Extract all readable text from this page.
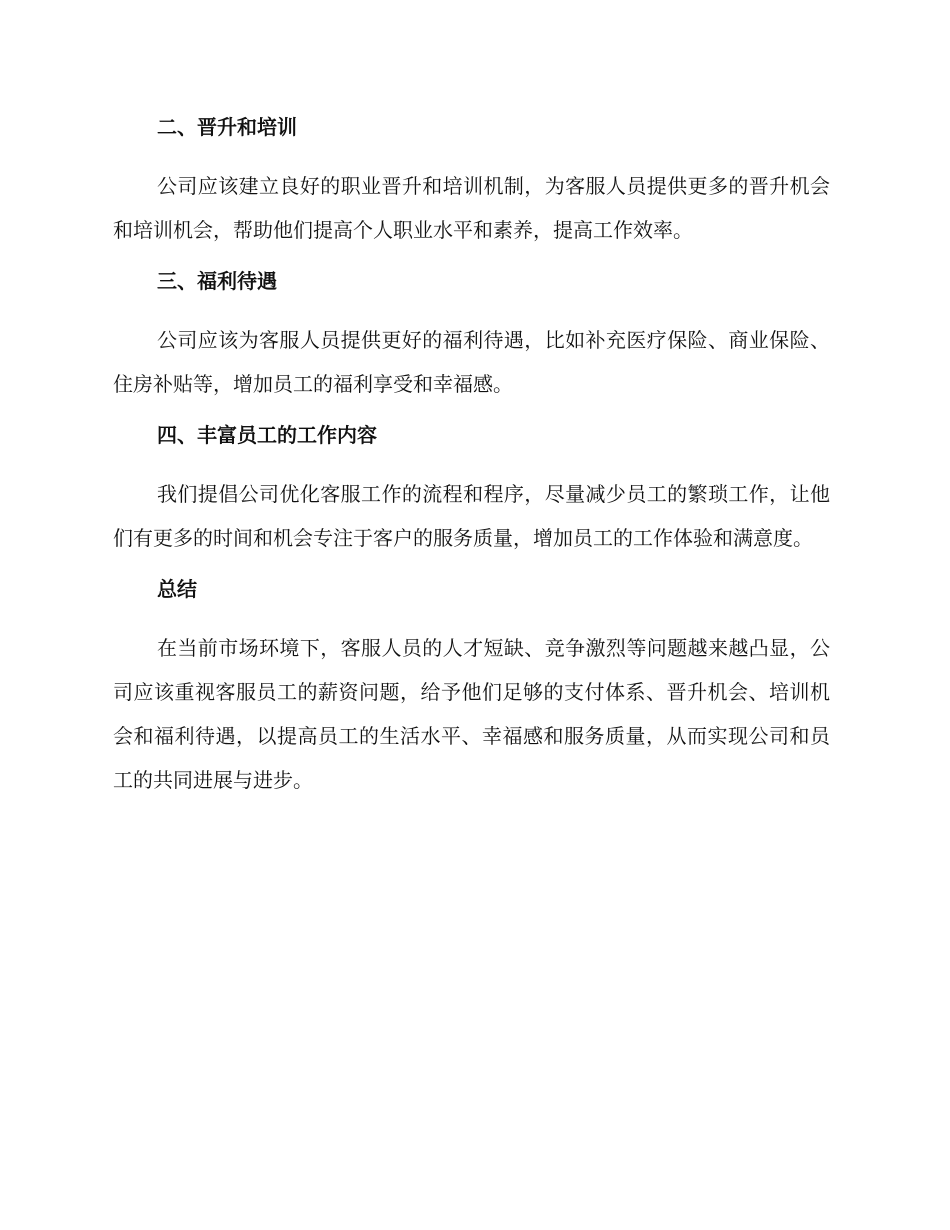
二、晋升和培训
公司应该建立良好的职业晋升和培训机制，为客服人员提供更多的晋升机会和培训机会，帮助他们提高个人职业水平和素养，提高工作效率。
三、福利待遇
公司应该为客服人员提供更好的福利待遇，比如补充医疗保险、商业保险、住房补贴等，增加员工的福利享受和幸福感。
四、丰富员工的工作内容
我们提倡公司优化客服工作的流程和程序，尽量减少员工的繁琐工作，让他们有更多的时间和机会专注于客户的服务质量，增加员工的工作体验和满意度。
总结
在当前市场环境下，客服人员的人才短缺、竞争激烈等问题越来越凸显，公司应该重视客服员工的薪资问题，给予他们足够的支付体系、晋升机会、培训机会和福利待遇，以提高员工的生活水平、幸福感和服务质量，从而实现公司和员工的共同进展与进步。
